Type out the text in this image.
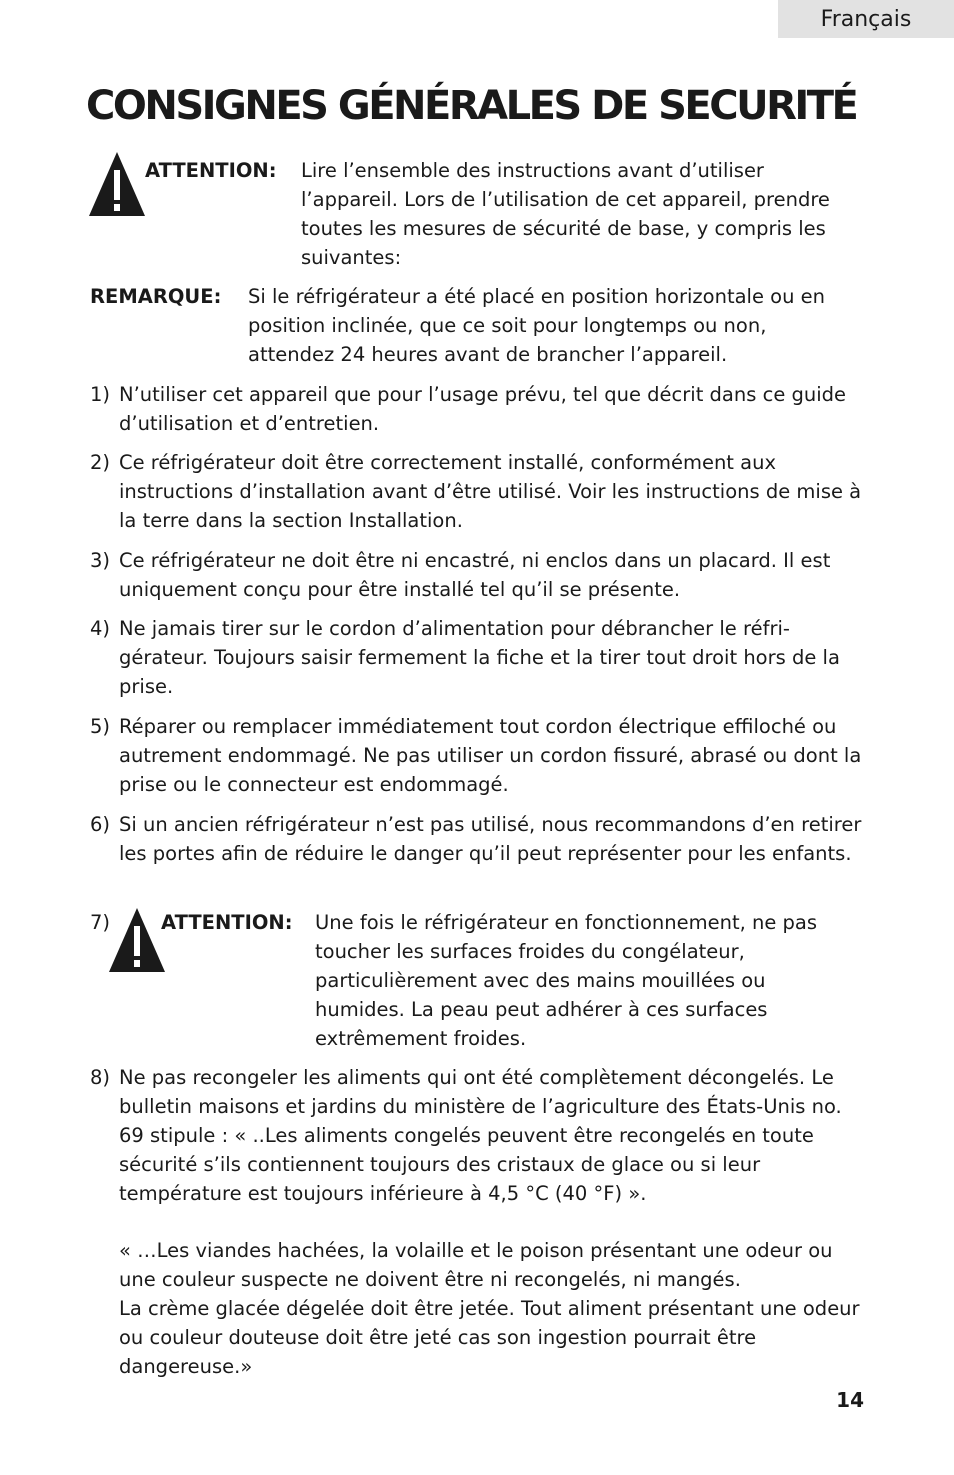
Français
CONSIGNES GÉNÉRALES DE SECURITÉ
ATTENTION: Lire l’ensemble des instructions avant d’utiliser l’appareil. Lors de l’utilisation de cet appareil, prendre toutes les mesures de sécurité de base, y compris les suivantes:

REMARQUE: Si le réfrigérateur a été placé en position horizontale ou en position inclinée, que ce soit pour longtemps ou non, attendez 24 heures avant de brancher l’appareil.

1) N’utiliser cet appareil que pour l’usage prévu, tel que décrit dans ce guide d’utilisation et d’entretien.

2) Ce réfrigérateur doit être correctement installé, conformément aux instructions d’installation avant d’être utilisé. Voir les instructions de mise à la terre dans la section Installation.

3) Ce réfrigérateur ne doit être ni encastré, ni enclos dans un placard. Il est uniquement conçu pour être installé tel qu’il se présente.

4) Ne jamais tirer sur le cordon d’alimentation pour débrancher le réfri-gérateur. Toujours saisir fermement la fiche et la tirer tout droit hors de la prise.

5) Réparer ou remplacer immédiatement tout cordon électrique effiloché ou autrement endommagé. Ne pas utiliser un cordon fissuré, abrasé ou dont la prise ou le connecteur est endommagé.

6) Si un ancien réfrigérateur n’est pas utilisé, nous recommandons d’en retirer les portes afin de réduire le danger qu’il peut représenter pour les enfants.

7)	ATTENTION: Une fois le réfrigérateur en fonctionnement, ne pas toucher les surfaces froides du congélateur, particulièrement avec des mains mouillées ou humides. La peau peut adhérer à ces surfaces extrêmement froides.

8) Ne pas recongeler les aliments qui ont été complètement décongelés. Le bulletin maisons et jardins du ministère de l’agriculture des États-Unis no. 69 stipule : « ..Les aliments congelés peuvent être recongelés en toute sécurité s’ils contiennent toujours des cristaux de glace ou si leur température est toujours inférieure à 4,5 °C (40 °F) ».

« …Les viandes hachées, la volaille et le poison présentant une odeur ou une couleur suspecte ne doivent être ni recongelés, ni mangés.

La crème glacée dégelée doit être jetée. Tout aliment présentant une odeur ou couleur douteuse doit être jeté cas son ingestion pourrait être dangereuse.»

14
